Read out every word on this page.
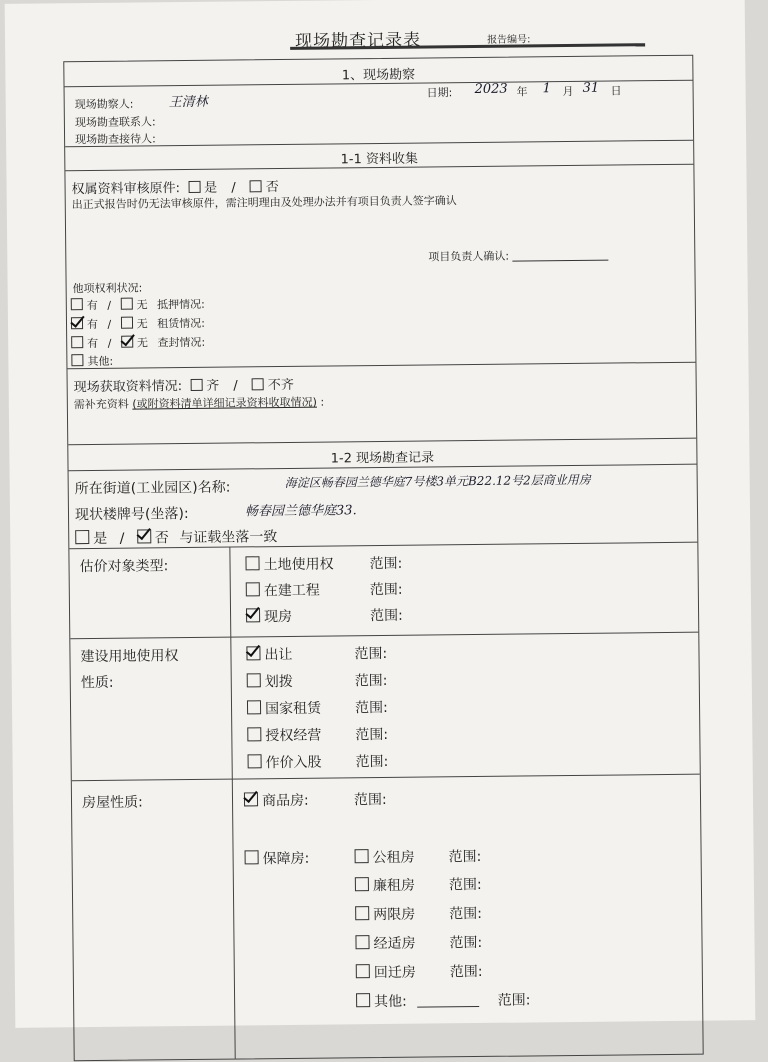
现场勘查记录表	报告编号:
1、现场勘察
现场勘察人:	王清林
日期: 2023 年 1 月 31 日
现场勘查联系人:
现场勘查接待人:
1-1 资料收集
权属资料审核原件: 是 / 否
出正式报告时仍无法审核原件，需注明理由及处理办法并有项目负责人签字确认
项目负责人确认:
他项权利状况:
有 / 无 抵押情况:
有 / 无 租赁情况:
有 / 无 查封情况:
其他:
现场获取资料情况: 齐 / 不齐
需补充资料 (或附资料清单详细记录资料收取情况) :
1-2 现场勘查记录
所在街道(工业园区)名称:	海淀区畅春园兰德华庭7号楼3单元B22.12号2层商业用房
现状楼牌号(坐落):	畅春园兰德华庭33.
是 / 否 与证载坐落一致
估价对象类型:	土地使用权	范围:
在建工程	范围:
现房	范围:
建设用地使用权
性质:
出让	范围:
划拨	范围:
国家租赁 范围:
授权经营 范围:
作价入股 范围:
房屋性质:	商品房:	范围:
保障房:	公租房 范围:
廉租房 范围:
两限房 范围:
经适房 范围:
回迁房 范围:
其他:	范围:
